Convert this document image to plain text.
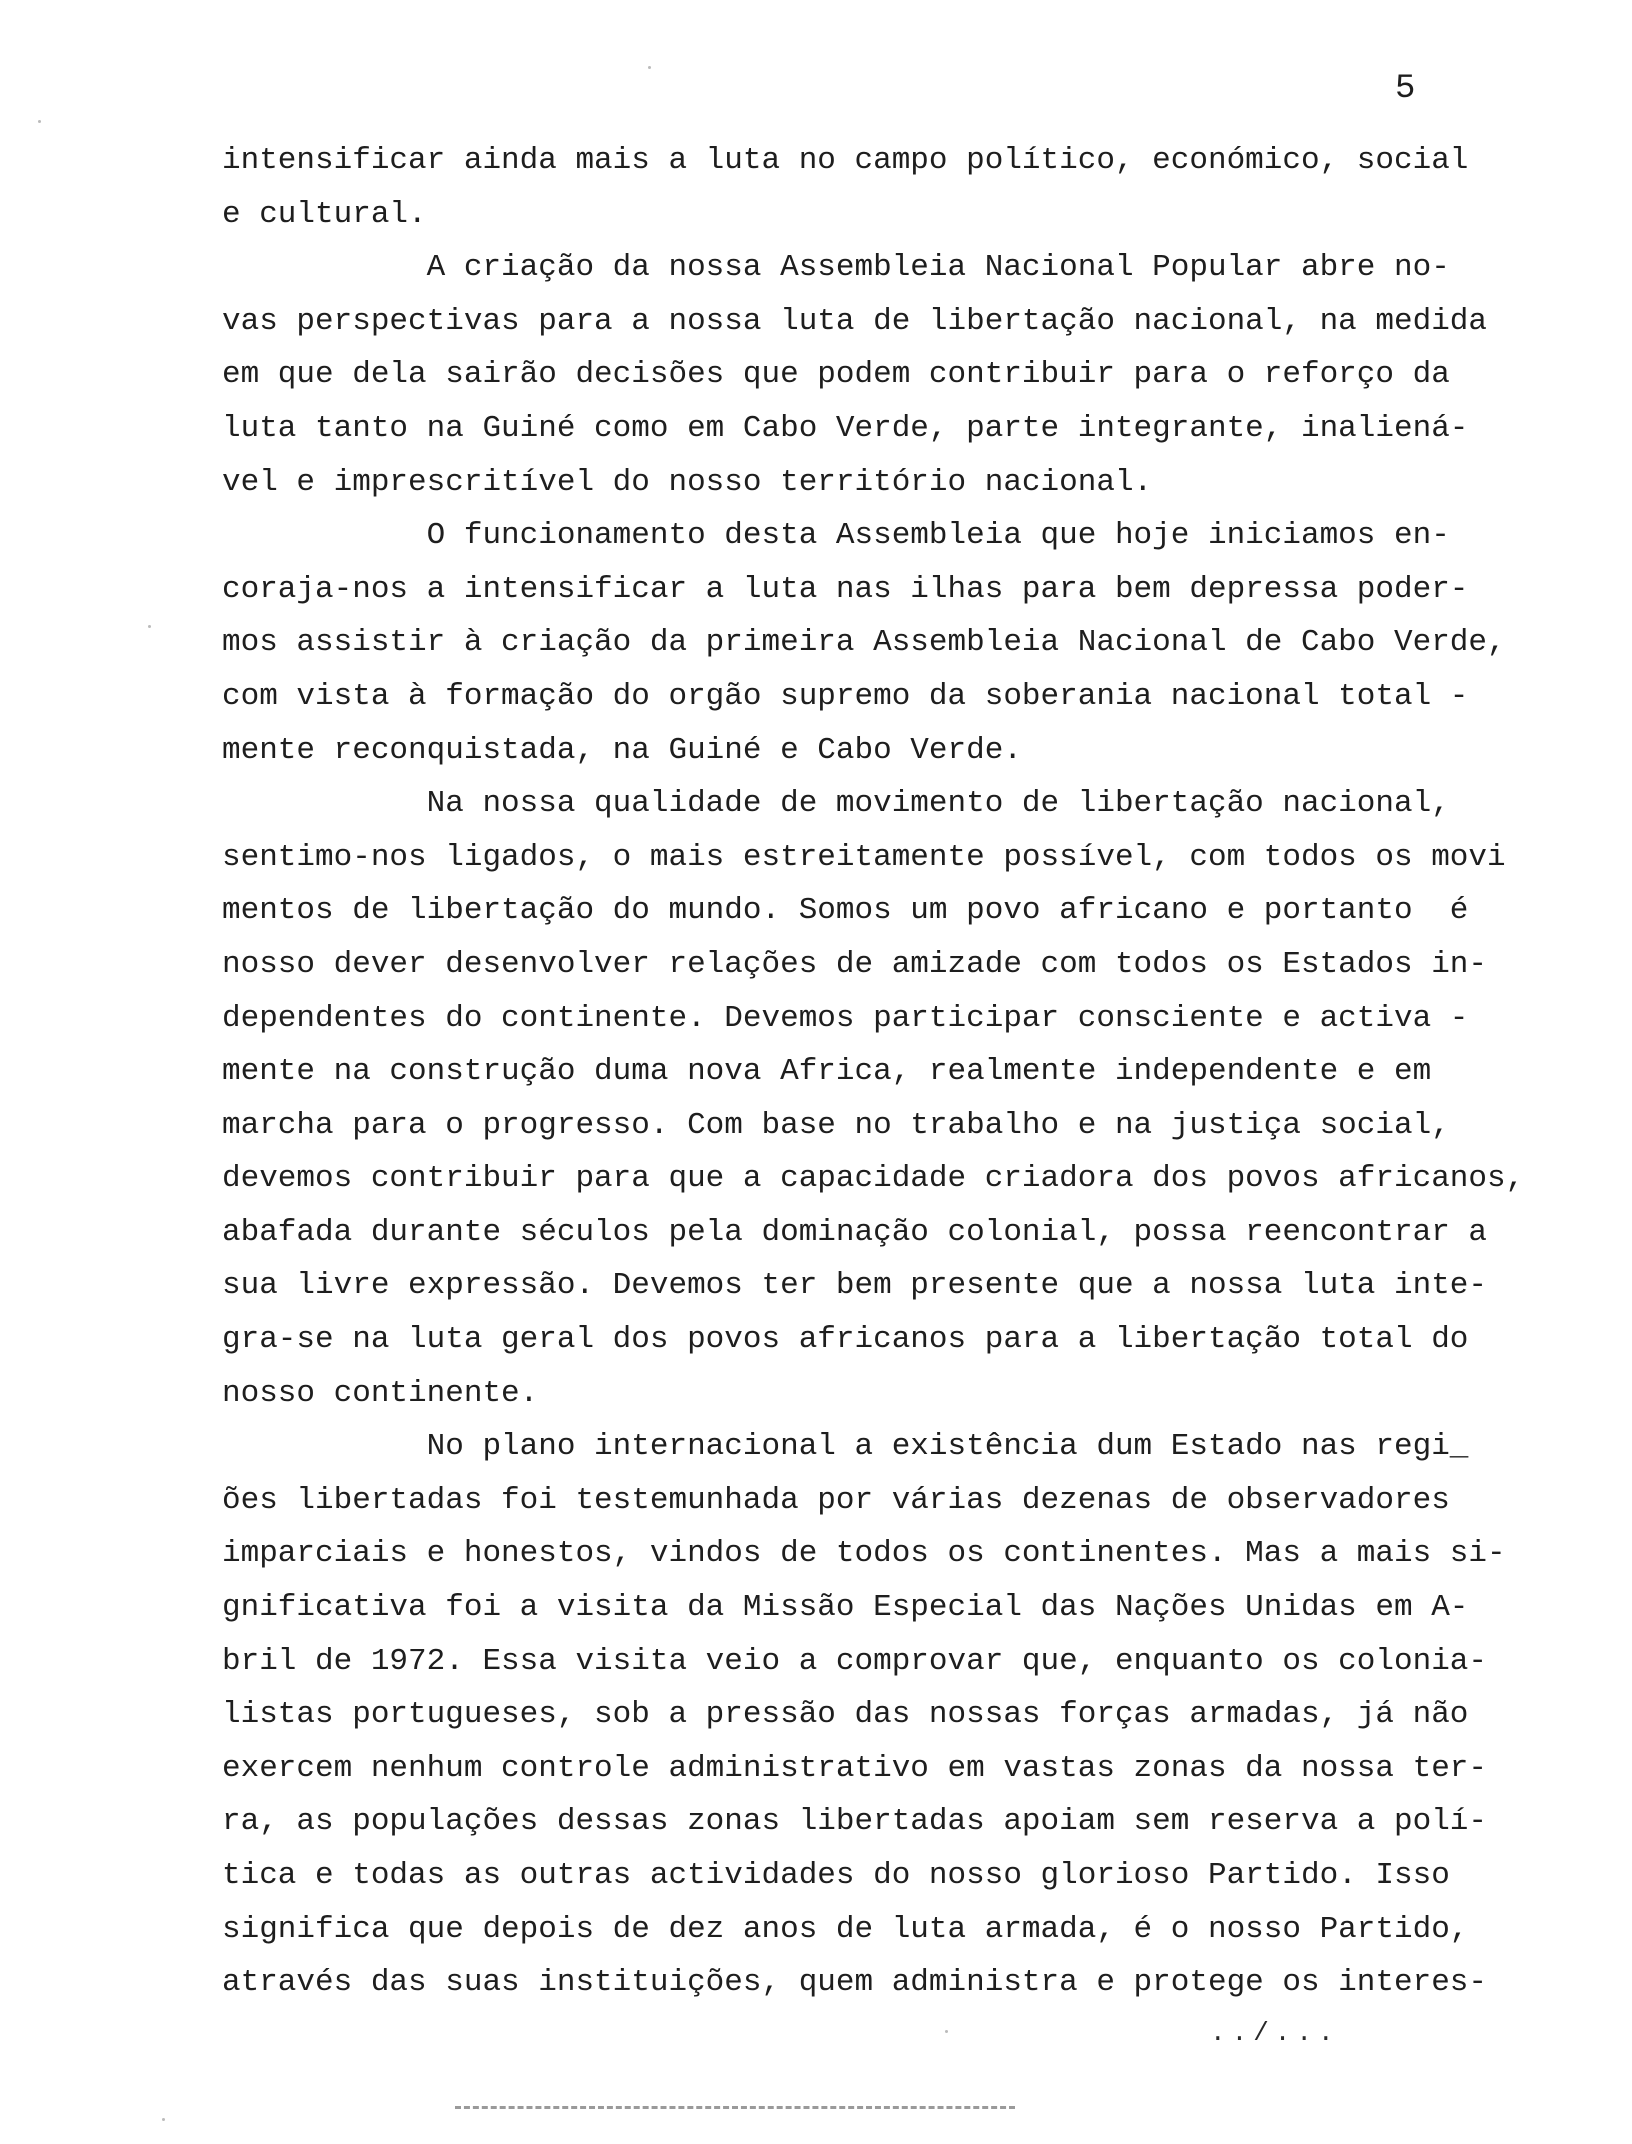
5
intensificar ainda mais a luta no campo político, económico, social
e cultural.
A criação da nossa Assembleia Nacional Popular abre no-
vas perspectivas para a nossa luta de libertação nacional, na medida
em que dela sairão decisões que podem contribuir para o reforço da
luta tanto na Guiné como em Cabo Verde, parte integrante, inaliená-
vel e imprescritível do nosso território nacional.
O funcionamento desta Assembleia que hoje iniciamos en-
coraja-nos a intensificar a luta nas ilhas para bem depressa poder-
mos assistir à criação da primeira Assembleia Nacional de Cabo Verde,
com vista à formação do orgão supremo da soberania nacional total -
mente reconquistada, na Guiné e Cabo Verde.
Na nossa qualidade de movimento de libertação nacional,
sentimo-nos ligados, o mais estreitamente possível, com todos os movi
mentos de libertação do mundo. Somos um povo africano e portanto  é
nosso dever desenvolver relações de amizade com todos os Estados in-
dependentes do continente. Devemos participar consciente e activa -
mente na construção duma nova Africa, realmente independente e em
marcha para o progresso. Com base no trabalho e na justiça social,
devemos contribuir para que a capacidade criadora dos povos africanos,
abafada durante séculos pela dominação colonial, possa reencontrar a
sua livre expressão. Devemos ter bem presente que a nossa luta inte-
gra-se na luta geral dos povos africanos para a libertação total do
nosso continente.
No plano internacional a existência dum Estado nas regi_
ões libertadas foi testemunhada por várias dezenas de observadores
imparciais e honestos, vindos de todos os continentes. Mas a mais si-
gnificativa foi a visita da Missão Especial das Nações Unidas em A-
bril de 1972. Essa visita veio a comprovar que, enquanto os colonia-
listas portugueses, sob a pressão das nossas forças armadas, já não
exercem nenhum controle administrativo em vastas zonas da nossa ter-
ra, as populações dessas zonas libertadas apoiam sem reserva a polí-
tica e todas as outras actividades do nosso glorioso Partido. Isso
significa que depois de dez anos de luta armada, é o nosso Partido,
através das suas instituições, quem administra e protege os interes-
../...
